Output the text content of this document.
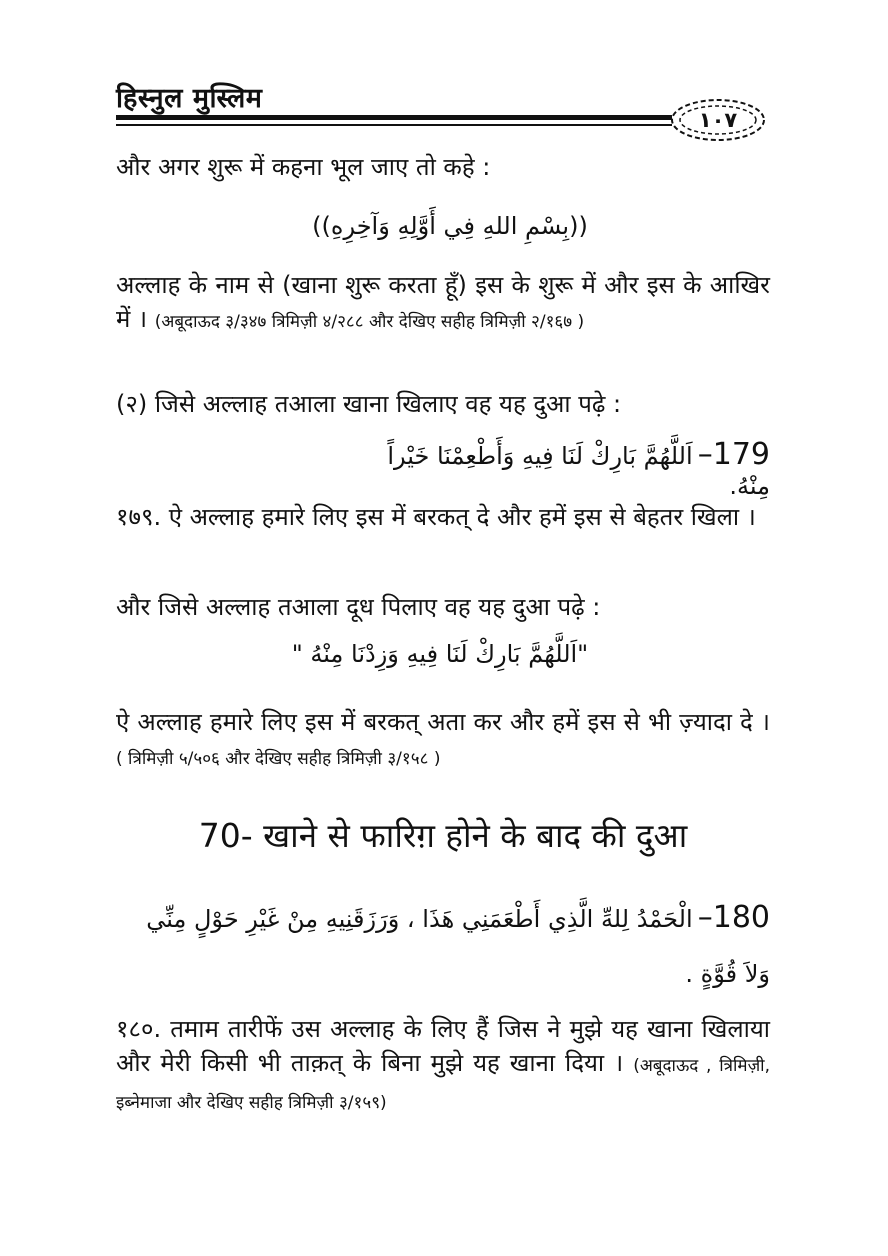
हिस्नुल मुस्लिम
١٠٧
और अगर शुरू में कहना भूल जाए तो कहे :
((بِسْمِ اللهِ فِي أَوَّلِهِ وَآخِرِهِ))
अल्लाह के नाम से (खाना शुरू करता हूँ) इस के शुरू में और इस के आखिर में । (अबूदाऊद ३/३४७ त्रिमिज़ी ४/२८८ और देखिए सहीह त्रिमिज़ी २/१६७ )
(२) जिसे अल्लाह तआला खाना खिलाए वह यह दुआ पढ़े :
179– اَللَّهُمَّ بَارِكْ لَنَا فِيهِ وَأَطْعِمْنَا خَيْراً مِنْهُ.
१७९. ऐ अल्लाह हमारे लिए इस में बरकत् दे और हमें इस से बेहतर खिला ।
और जिसे अल्लाह तआला दूध पिलाए वह यह दुआ पढ़े :
"اَللَّهُمَّ بَارِكْ لَنَا فِيهِ وَزِدْنَا مِنْهُ "
ऐ अल्लाह हमारे लिए इस में बरकत् अता कर और हमें इस से भी ज़्यादा दे । ( त्रिमिज़ी ५/५०६ और देखिए सहीह त्रिमिज़ी ३/१५८ )
70- खाने से फारिग़ होने के बाद की दुआ
180– الْحَمْدُ لِلهِّ الَّذِي أَطْعَمَنِي هَذَا ، وَرَزَقَنِيهِ مِنْ غَيْرِ حَوْلٍ مِنِّي وَلاَ قُوَّةٍ .
१८०. तमाम तारीफें उस अल्लाह के लिए हैं जिस ने मुझे यह खाना खिलाया और मेरी किसी भी ताक़त् के बिना मुझे यह खाना दिया । (अबूदाऊद , त्रिमिज़ी, इब्नेमाजा और देखिए सहीह त्रिमिज़ी ३/१५९)
